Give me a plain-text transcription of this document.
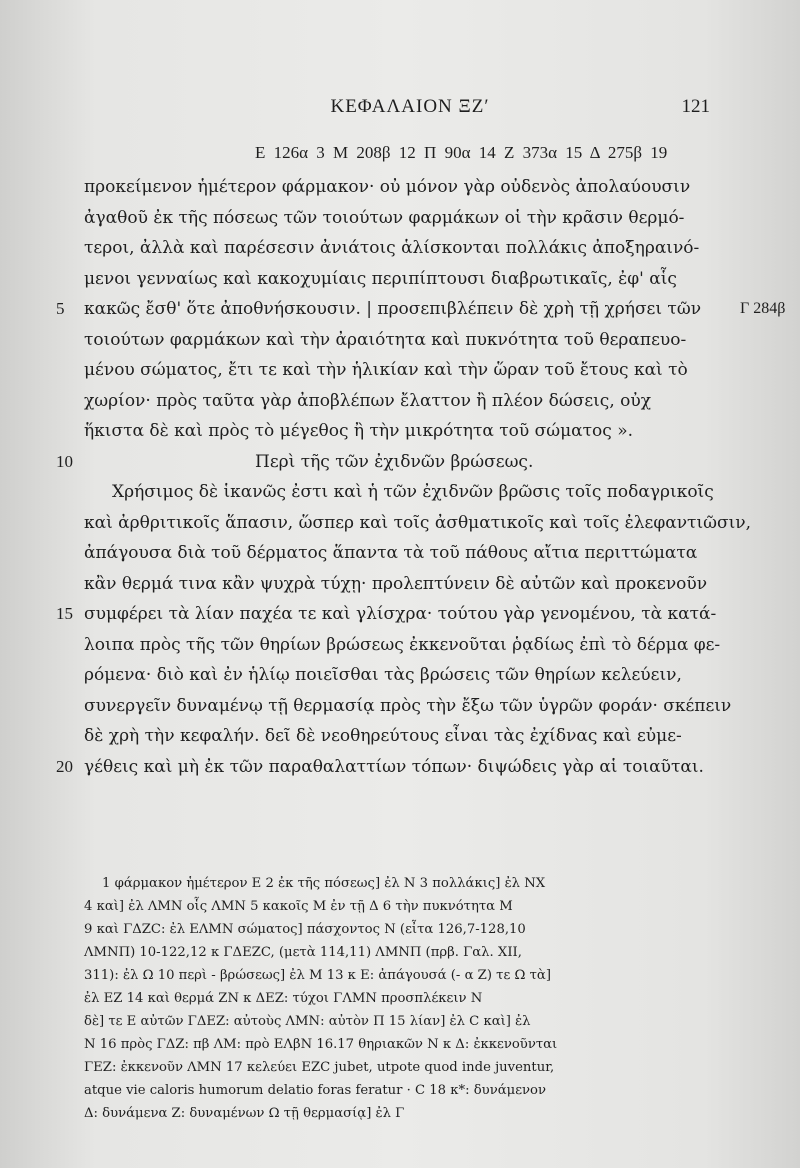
ΚΕΦΑΛΑΙΟΝ ΞΖʹ	121
Ε 126α 3 Μ 208β 12 Π 90α 14 Ζ 373α 15 Δ 275β 19
προκείμενον ἡμέτερον φάρμακον· οὐ μόνον γὰρ οὐδενὸς ἀπολαύουσιν
ἀγαθοῦ ἐκ τῆς πόσεως τῶν τοιούτων φαρμάκων οἱ τὴν κρᾶσιν θερμό-
τεροι, ἀλλὰ καὶ παρέσεσιν ἀνιάτοις ἁλίσκονται πολλάκις ἀποξηραινό-
μενοι γενναίως καὶ κακοχυμίαις περιπίπτουσι διαβρωτικαῖς, ἐφ' αἷς
5 κακῶς ἔσθ' ὅτε ἀποθνήσκουσιν. | προσεπιβλέπειν δὲ χρὴ τῇ χρήσει τῶν Γ 284β
τοιούτων φαρμάκων καὶ τὴν ἀραιότητα καὶ πυκνότητα τοῦ θεραπευο-
μένου σώματος, ἔτι τε καὶ τὴν ἡλικίαν καὶ τὴν ὥραν τοῦ ἔτους καὶ τὸ
χωρίον· πρὸς ταῦτα γὰρ ἀποβλέπων ἔλαττον ἢ πλέον δώσεις, οὐχ
ἥκιστα δὲ καὶ πρὸς τὸ μέγεθος ἢ τὴν μικρότητα τοῦ σώματος ».
10	Περὶ τῆς τῶν ἐχιδνῶν βρώσεως.
Χρήσιμος δὲ ἱκανῶς ἐστι καὶ ἡ τῶν ἐχιδνῶν βρῶσις τοῖς ποδαγρικοῖς
καὶ ἀρθριτικοῖς ἅπασιν, ὥσπερ καὶ τοῖς ἀσθματικοῖς καὶ τοῖς ἐλεφαντιῶσιν,
ἀπάγουσα διὰ τοῦ δέρματος ἅπαντα τὰ τοῦ πάθους αἴτια περιττώματα
κἂν θερμά τινα κἂν ψυχρὰ τύχῃ· προλεπτύνειν δὲ αὐτῶν καὶ προκενοῦν
15 συμφέρει τὰ λίαν παχέα τε καὶ γλίσχρα· τούτου γὰρ γενομένου, τὰ κατά-
λοιπα πρὸς τῆς τῶν θηρίων βρώσεως ἐκκενοῦται ῥᾳδίως ἐπὶ τὸ δέρμα φε-
ρόμενα· διὸ καὶ ἐν ἡλίῳ ποιεῖσθαι τὰς βρώσεις τῶν θηρίων κελεύειν,
συνεργεῖν δυναμένῳ τῇ θερμασίᾳ πρὸς τὴν ἔξω τῶν ὑγρῶν φοράν· σκέπειν
δὲ χρὴ τὴν κεφαλήν. δεῖ δὲ νεοθηρεύτους εἶναι τὰς ἐχίδνας καὶ εὐμε-
20 γέθεις καὶ μὴ ἐκ τῶν παραθαλαττίων τόπων· διψώδεις γὰρ αἱ τοιαῦται.
1 φάρμακον ἡμέτερον Ε 2 ἐκ τῆς πόσεως] ἐλ Ν 3 πολλάκις] ἐλ ΝΧ
4 καὶ] ἐλ ΛΜΝ οἷς ΛΜΝ 5 κακοῖς Μ ἐν τῇ Δ 6 τὴν πυκνότητα Μ
9 καὶ ΓΔΖC: ἐλ ΕΛΜΝ σώματος] πάσχοντος Ν (εἶτα 126,7-128,10
ΛΜΝΠ) 10-122,12 κ ΓΔΕΖC, (μετὰ 114,11) ΛΜΝΠ (πρβ. Γαλ. XII,
311): ἐλ Ω 10 περὶ - βρώσεως] ἐλ Μ 13 κ Ε: ἀπάγουσά (- α Ζ) τε Ω τὰ]
ἐλ ΕΖ 14 καὶ θερμά ΖΝ κ ΔΕΖ: τύχοι ΓΛΜΝ προσπλέκειν Ν
δὲ] τε Ε αὐτῶν ΓΔΕΖ: αὐτοὺς ΛΜΝ: αὐτὸν Π 15 λίαν] ἐλ C καὶ] ἐλ
Ν 16 πρὸς ΓΔΖ: πβ ΛΜ: πρὸ ΕΛβΝ 16.17 θηριακῶν Ν κ Δ: ἐκκενοῦνται
ΓΕΖ: ἐκκενοῦν ΛΜΝ 17 κελεύει EZC jubet, utpote quod inde juventur,
atque vie caloris humorum delatio foras feratur · C 18 κ*: δυνάμενον
Δ: δυνάμενα Ζ: δυναμένων Ω τῇ θερμασίᾳ] ἐλ Γ
